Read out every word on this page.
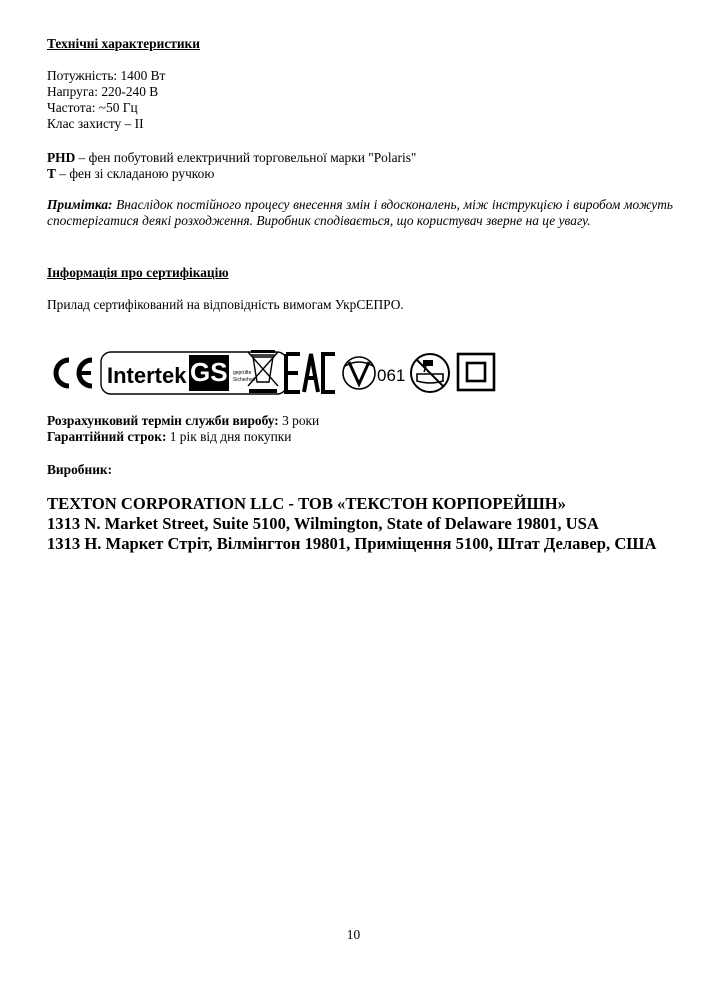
Технічні характеристики
Потужність: 1400 Вт
Напруга: 220-240 В
Частота: ~50 Гц
Клас захисту – II
PHD – фен побутовий електричний торговельної марки "Polaris"
T – фен зі складаною ручкою
Примітка: Внаслідок постійного процесу внесення змін і вдосконалень, між інструкцією і виробом можуть спостерігатися деякі розходження. Виробник сподівається, що користувач зверне на це увагу.
Інформація про сертифікацію
Прилад сертифікований на відповідність вимогам УкрСЕПРО.
Intertek GS geprüfte
Sicherheit	061
Розрахунковий термін служби виробу: 3 роки
Гарантійний строк: 1 рік від дня покупки
Виробник:
TEXTON CORPORATION LLC - ТОВ «ТЕКСТОН КОРПОРЕЙШН»
1313 N. Market Street, Suite 5100, Wilmington, State of Delaware 19801, USA
1313 Н. Маркет Стріт, Вілмінгтон 19801, Приміщення 5100, Штат Делавер, США
10
